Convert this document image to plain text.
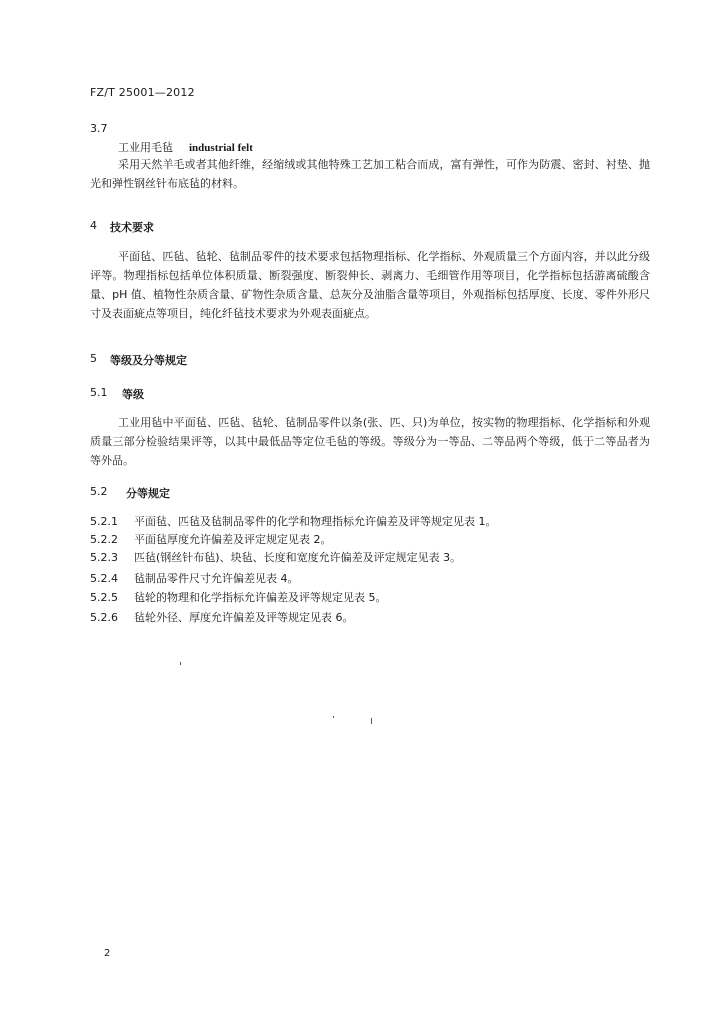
FZ/T 25001—2012
3.7
工业用毛毡 industrial felt
采用天然羊毛或者其他纤维，经缩绒或其他特殊工艺加工粘合而成，富有弹性，可作为防震、密封、衬垫、抛光和弹性钢丝针布底毡的材料。
4 技术要求
平面毡、匹毡、毡轮、毡制品零件的技术要求包括物理指标、化学指标、外观质量三个方面内容，并以此分级评等。物理指标包括单位体积质量、断裂强度、断裂伸长、剥离力、毛细管作用等项目，化学指标包括游离硫酸含量、pH 值、植物性杂质含量、矿物性杂质含量、总灰分及油脂含量等项目，外观指标包括厚度、长度、零件外形尺寸及表面疵点等项目，纯化纤毡技术要求为外观表面疵点。
5 等级及分等规定
5.1 等级
工业用毡中平面毡、匹毡、毡轮、毡制品零件以条(张、匹、只)为单位，按实物的物理指标、化学指标和外观质量三部分检验结果评等，以其中最低品等定位毛毡的等级。等级分为一等品、二等品两个等级，低于二等品者为等外品。
5.2 分等规定
5.2.1 平面毡、匹毡及毡制品零件的化学和物理指标允许偏差及评等规定见表 1。
5.2.2 平面毡厚度允许偏差及评定规定见表 2。
5.2.3 匹毡(钢丝针布毡)、块毡、长度和宽度允许偏差及评定规定见表 3。
5.2.4 毡制品零件尺寸允许偏差见表 4。
5.2.5 毡轮的物理和化学指标允许偏差及评等规定见表 5。
5.2.6 毡轮外径、厚度允许偏差及评等规定见表 6。
2
